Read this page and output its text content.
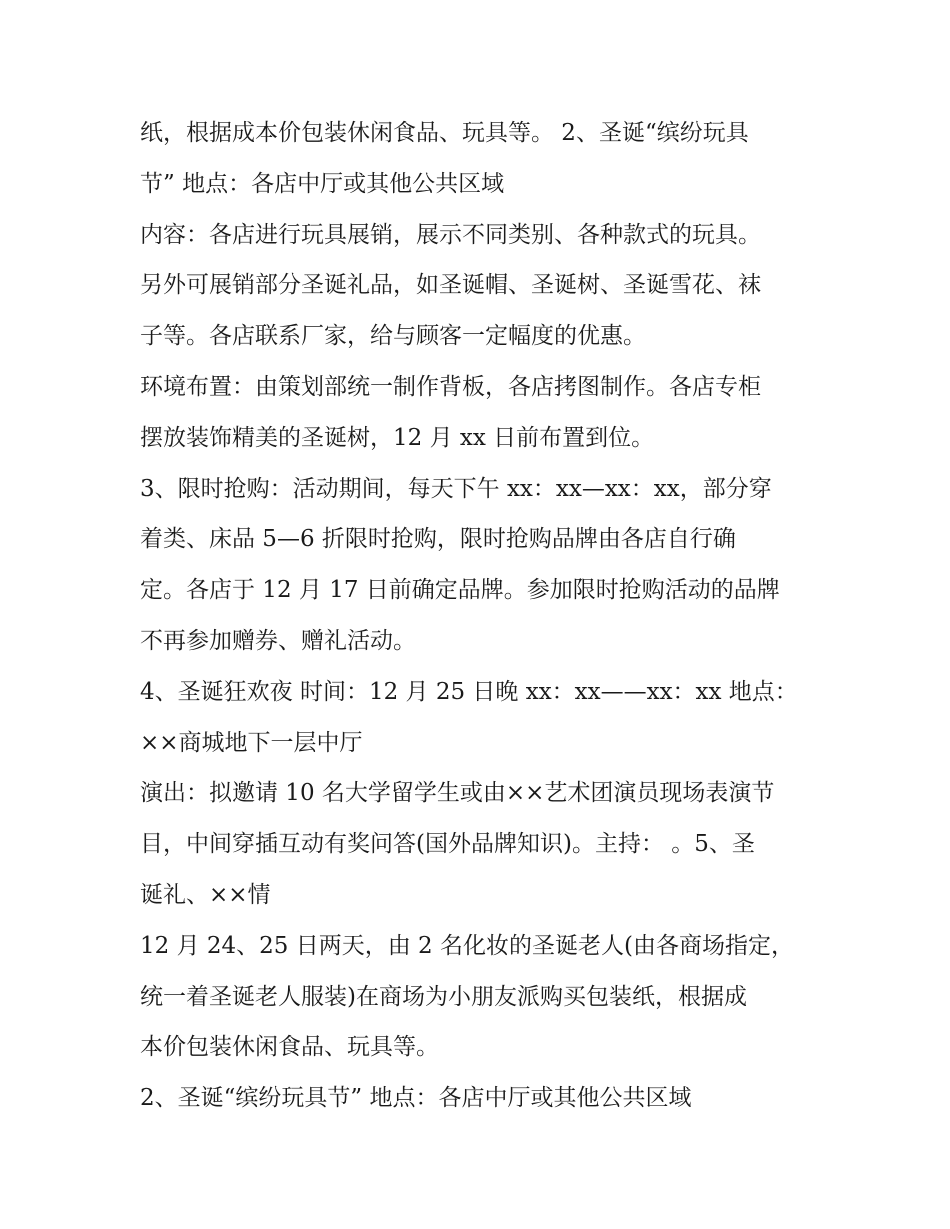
纸，根据成本价包装休闲食品、玩具等。 2、圣诞“缤纷玩具
节” 地点：各店中厅或其他公共区域
内容：各店进行玩具展销，展示不同类别、各种款式的玩具。
另外可展销部分圣诞礼品，如圣诞帽、圣诞树、圣诞雪花、袜
子等。各店联系厂家，给与顾客一定幅度的优惠。
环境布置：由策划部统一制作背板，各店拷图制作。各店专柜
摆放装饰精美的圣诞树，12 月 xx 日前布置到位。
3、限时抢购：活动期间，每天下午 xx：xx—xx：xx，部分穿
着类、床品 5—6 折限时抢购，限时抢购品牌由各店自行确
定。各店于 12 月 17 日前确定品牌。参加限时抢购活动的品牌
不再参加赠券、赠礼活动。
4、圣诞狂欢夜 时间：12 月 25 日晚 xx：xx——xx：xx 地点：
××商城地下一层中厅
演出：拟邀请 10 名大学留学生或由××艺术团演员现场表演节
目，中间穿插互动有奖问答(国外品牌知识)。主持： 。5、圣
诞礼、××情
12 月 24、25 日两天，由 2 名化妆的圣诞老人(由各商场指定，
统一着圣诞老人服装)在商场为小朋友派购买包装纸，根据成
本价包装休闲食品、玩具等。
2、圣诞“缤纷玩具节” 地点：各店中厅或其他公共区域
